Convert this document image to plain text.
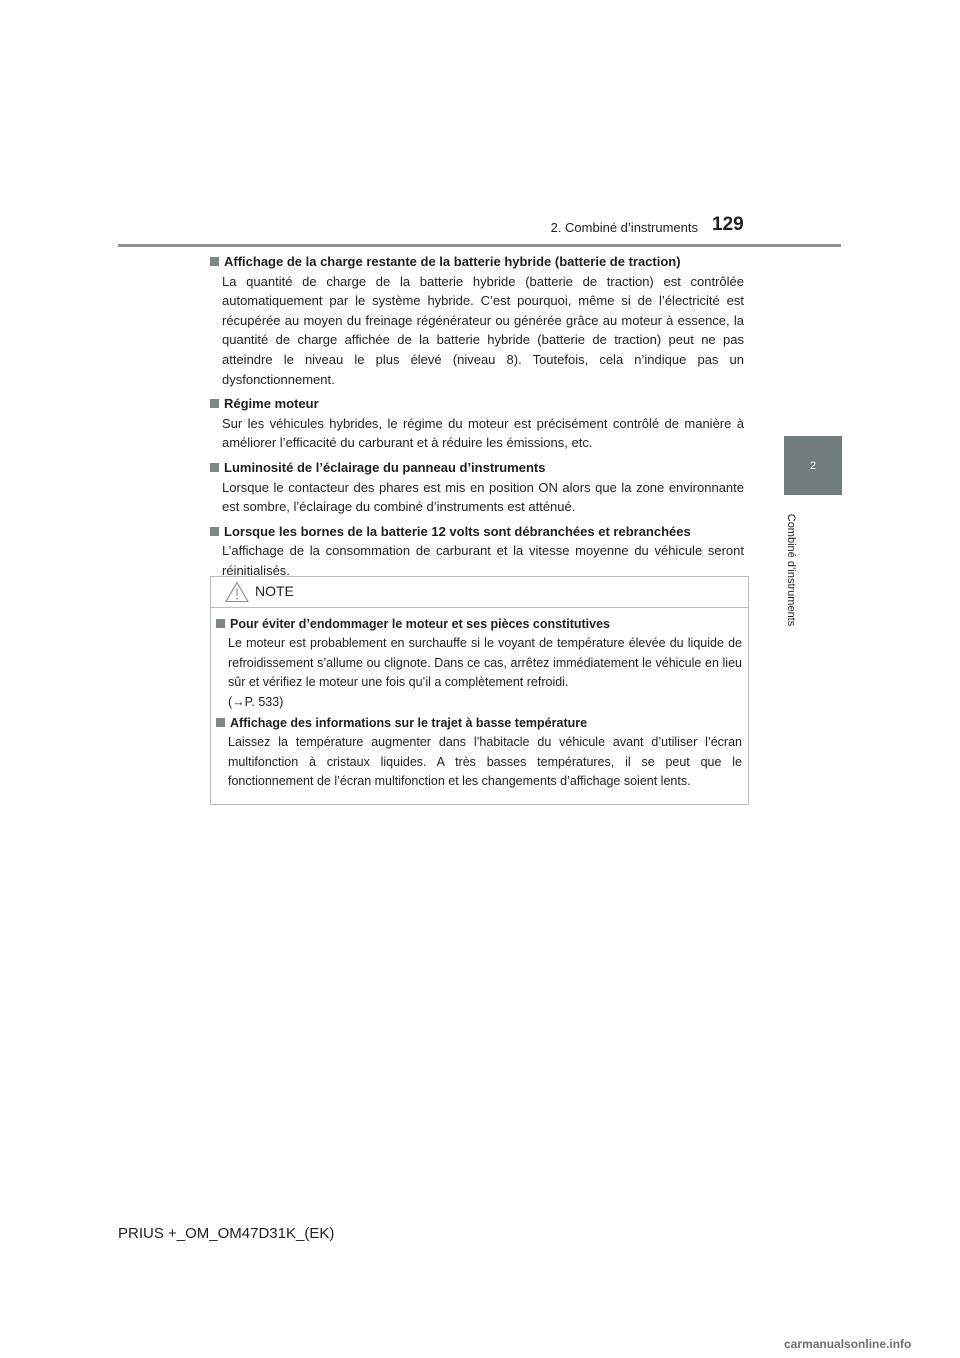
2. Combiné d’instruments 129
2
Combiné d’instruments
Affichage de la charge restante de la batterie hybride (batterie de traction)
La quantité de charge de la batterie hybride (batterie de traction) est contrôlée automatiquement par le système hybride. C’est pourquoi, même si de l’électricité est récupérée au moyen du freinage régénérateur ou générée grâce au moteur à essence, la quantité de charge affichée de la batterie hybride (batterie de traction) peut ne pas atteindre le niveau le plus élevé (niveau 8). Toutefois, cela n’indique pas un dysfonctionnement.
Régime moteur
Sur les véhicules hybrides, le régime du moteur est précisément contrôlé de manière à améliorer l’efficacité du carburant et à réduire les émissions, etc.
Luminosité de l’éclairage du panneau d’instruments
Lorsque le contacteur des phares est mis en position ON alors que la zone environnante est sombre, l’éclairage du combiné d’instruments est atténué.
Lorsque les bornes de la batterie 12 volts sont débranchées et rebranchées
L’affichage de la consommation de carburant et la vitesse moyenne du véhicule seront réinitialisés.
NOTE
Pour éviter d’endommager le moteur et ses pièces constitutives
Le moteur est probablement en surchauffe si le voyant de température élevée du liquide de refroidissement s’allume ou clignote. Dans ce cas, arrêtez immédiatement le véhicule en lieu sûr et vérifiez le moteur une fois qu’il a complètement refroidi.
(→P. 533)
Affichage des informations sur le trajet à basse température
Laissez la température augmenter dans l’habitacle du véhicule avant d’utiliser l’écran multifonction à cristaux liquides. A très basses températures, il se peut que le fonctionnement de l’écran multifonction et les changements d’affichage soient lents.
PRIUS +_OM_OM47D31K_(EK)
carmanualsonline.info
